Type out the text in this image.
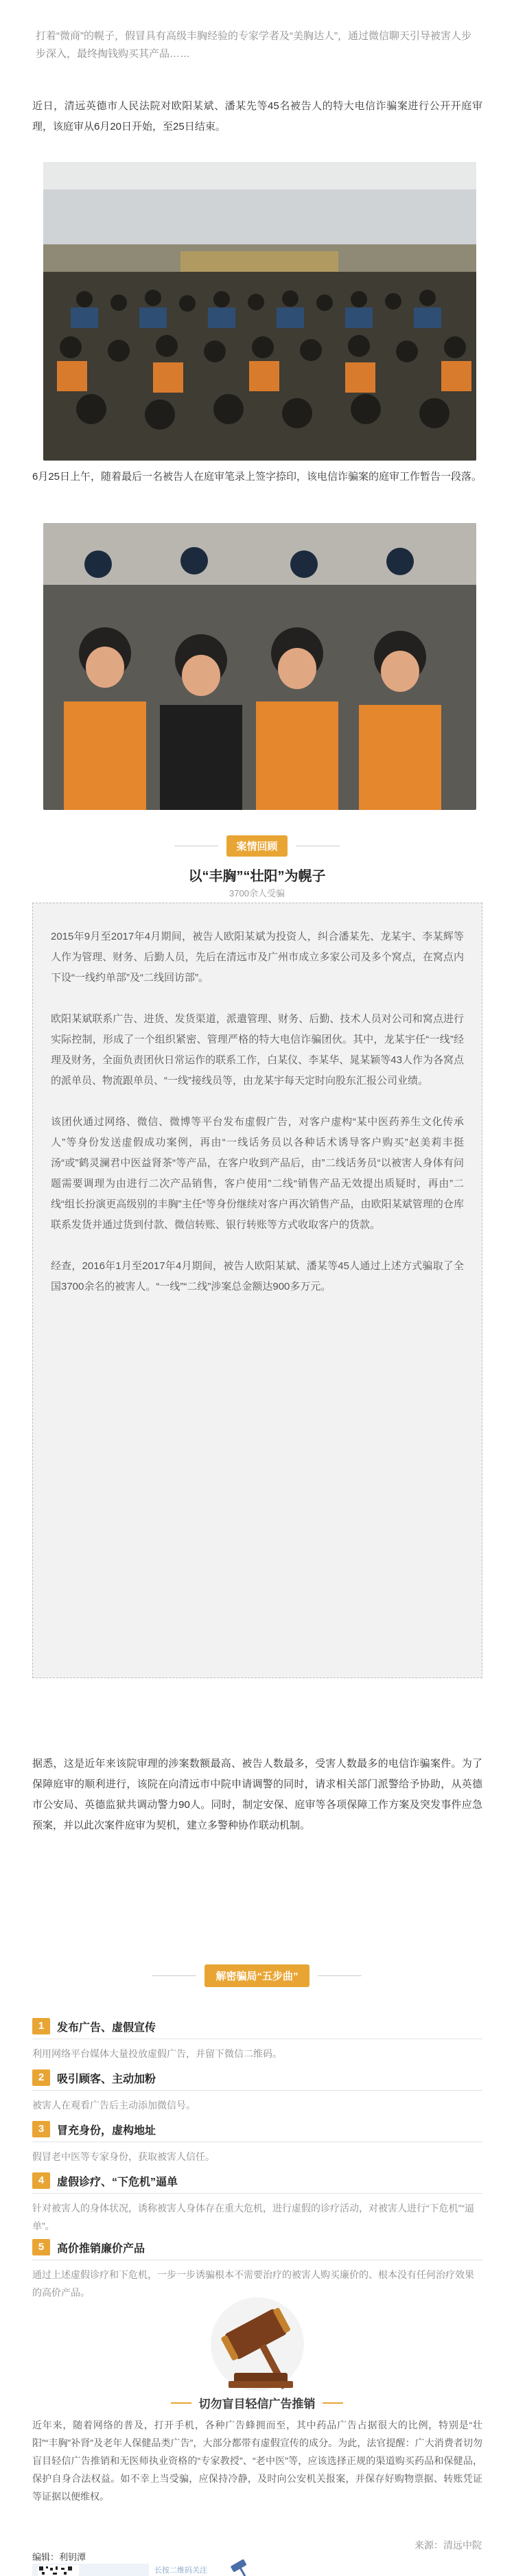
打着“微商”的幌子，假冒具有高级丰胸经验的专家学者及“美胸达人”，通过微信聊天引导被害人步步深入，最终掏钱购买其产品……
近日，清远英德市人民法院对欧阳某斌、潘某先等45名被告人的特大电信诈骗案进行公开开庭审理，该庭审从6月20日开始，至25日结束。
6月25日上午，随着最后一名被告人在庭审笔录上签字捺印，该电信诈骗案的庭审工作暂告一段落。
案情回顾
以“丰胸”“壮阳”为幌子
3700余人受骗

2015年9月至2017年4月期间，被告人欧阳某斌为投资人，纠合潘某先、龙某宇、李某辉等人作为管理、财务、后勤人员，先后在清远市及广州市成立多家公司及多个窝点，在窝点内下设“一线约单部”及“二线回访部”。

欧阳某斌联系广告、进货、发货渠道，派遣管理、财务、后勤、技术人员对公司和窝点进行实际控制，形成了一个组织紧密、管理严格的特大电信诈骗团伙。其中，龙某宇任“一线”经理及财务，全面负责团伙日常运作的联系工作，白某仪、李某华、晁某颖等43人作为各窝点的派单员、物流跟单员、“一线”接线员等，由龙某宇每天定时向股东汇报公司业绩。

该团伙通过网络、微信、微博等平台发布虚假广告，对客户虚构“某中医药养生文化传承人”等身份发送虚假成功案例，再由“一线话务员以各种话术诱导客户购买”赵美莉丰挺汤“或”鹤灵澜君中医益肾茶“等产品，在客户收到产品后，由”二线话务员“以被害人身体有问题需要调理为由进行二次产品销售，客户使用”二线“销售产品无效提出质疑时，再由”二线“组长扮演更高级别的丰胸”主任“等身份继续对客户再次销售产品，由欧阳某斌管理的仓库联系发货并通过货到付款、微信转账、银行转账等方式收取客户的货款。

经查，2016年1月至2017年4月期间，被告人欧阳某斌、潘某等45人通过上述方式骗取了全国3700余名的被害人。“一线”“二线”涉案总金额达900多万元。

据悉，这是近年来该院审理的涉案数额最高、被告人数最多，受害人数最多的电信诈骗案件。为了保障庭审的顺利进行，该院在向清远市中院申请调警的同时，请求相关部门派警给予协助，从英德市公安局、英德监狱共调动警力90人。同时，制定安保、庭审等各项保障工作方案及突发事件应急预案，并以此次案件庭审为契机，建立多警种协作联动机制。
解密骗局“五步曲”
1	发布广告、虚假宣传
利用网络平台媒体大量投放虚假广告，并留下微信二维码。
2	吸引顾客、主动加粉
被害人在观看广告后主动添加微信号。
3	冒充身份，虚构地址
假冒老中医等专家身份，获取被害人信任。
4	虚假诊疗、“下危机”逼单
针对被害人的身体状况，诱称被害人身体存在重大危机，进行虚假的诊疗活动，对被害人进行“下危机”“逼单”。
5	高价推销廉价产品
通过上述虚假诊疗和下危机，一步一步诱骗根本不需要治疗的被害人购买廉价的、根本没有任何治疗效果的高价产品。
切勿盲目轻信广告推销
近年来，随着网络的普及，打开手机，各种广告蜂拥而至，其中药品广告占据很大的比例，特别是“壮阳”“丰胸”补肾”及老年人保健品类广告”，大部分都带有虚假宣传的成分。为此，法官提醒：广大消费者切勿盲目轻信广告推销和无医师执业资格的“专家教授”、“老中医”等，应该选择正规的渠道购买药品和保健品，保护自身合法权益。如不幸上当受骗，应保持冷静，及时向公安机关报案，并保存好购物票据、转账凭证等证据以便维权。
来源：清远中院
编辑：利钥潭
长按二维码关注
